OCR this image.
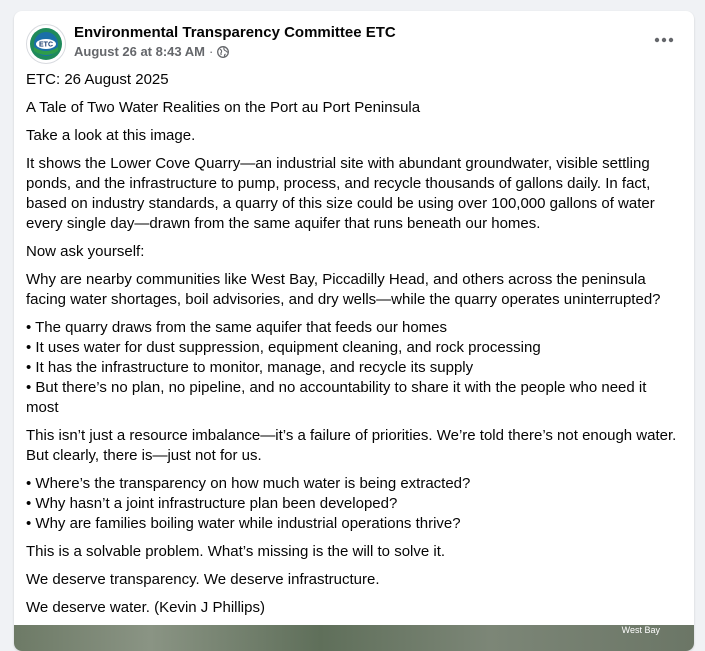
ETC
Environmental Transparency Committee ETC
August 26 at 8:43 AM ·

ETC: 26 August 2025

A Tale of Two Water Realities on the Port au Port Peninsula

Take a look at this image.

It shows the Lower Cove Quarry—an industrial site with abundant groundwater, visible settling ponds, and the infrastructure to pump, process, and recycle thousands of gallons daily. In fact, based on industry standards, a quarry of this size could be using over 100,000 gallons of water every single day—drawn from the same aquifer that runs beneath our homes.

Now ask yourself:

Why are nearby communities like West Bay, Piccadilly Head, and others across the peninsula facing water shortages, boil advisories, and dry wells—while the quarry operates uninterrupted?

• The quarry draws from the same aquifer that feeds our homes
• It uses water for dust suppression, equipment cleaning, and rock processing
• It has the infrastructure to monitor, manage, and recycle its supply
• But there’s no plan, no pipeline, and no accountability to share it with the people who need it most

This isn’t just a resource imbalance—it’s a failure of priorities. We’re told there’s not enough water. But clearly, there is—just not for us.

• Where’s the transparency on how much water is being extracted?
• Why hasn’t a joint infrastructure plan been developed?
• Why are families boiling water while industrial operations thrive?

This is a solvable problem. What’s missing is the will to solve it.

We deserve transparency. We deserve infrastructure.

We deserve water. (Kevin J Phillips)

West Bay
